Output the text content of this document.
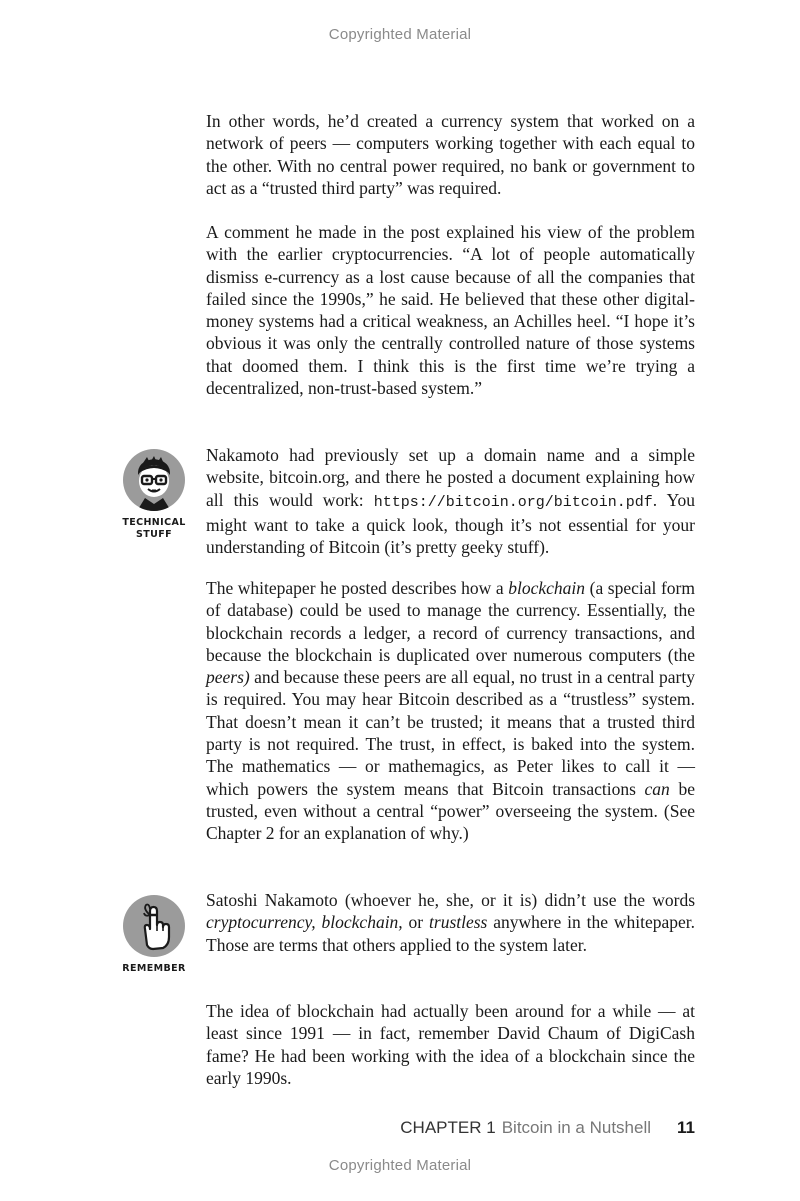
Copyrighted Material

In other words, he’d created a currency system that worked on a network of peers — computers working together with each equal to the other. With no central power required, no bank or government to act as a “trusted third party” was required.

A comment he made in the post explained his view of the problem with the earlier cryptocurrencies. “A lot of people automatically dismiss e-currency as a lost cause because of all the companies that failed since the 1990s,” he said. He believed that these other digital-money systems had a critical weakness, an Achilles heel. “I hope it’s obvious it was only the centrally controlled nature of those systems that doomed them. I think this is the first time we’re trying a decentralized, non-trust-based system.”

TECHNICAL
STUFF

Nakamoto had previously set up a domain name and a simple website, bitcoin.org, and there he posted a document explaining how all this would work: https://bitcoin.org/bitcoin.pdf. You might want to take a quick look, though it’s not essential for your understanding of Bitcoin (it’s pretty geeky stuff).

The whitepaper he posted describes how a blockchain (a special form of database) could be used to manage the currency. Essentially, the blockchain records a ledger, a record of currency transactions, and because the blockchain is duplicated over numerous computers (the peers) and because these peers are all equal, no trust in a central party is required. You may hear Bitcoin described as a “trustless” system. That doesn’t mean it can’t be trusted; it means that a trusted third party is not required. The trust, in effect, is baked into the system. The mathematics — or mathemagics, as Peter likes to call it — which powers the system means that Bitcoin transactions can be trusted, even without a central “power” overseeing the system. (See Chapter 2 for an explanation of why.)

REMEMBER

Satoshi Nakamoto (whoever he, she, or it is) didn’t use the words cryptocurrency, blockchain, or trustless anywhere in the whitepaper. Those are terms that others applied to the system later.

The idea of blockchain had actually been around for a while — at least since 1991 — in fact, remember David Chaum of DigiCash fame? He had been working with the idea of a blockchain since the early 1990s.

CHAPTER 1 Bitcoin in a Nutshell 11
Copyrighted Material
